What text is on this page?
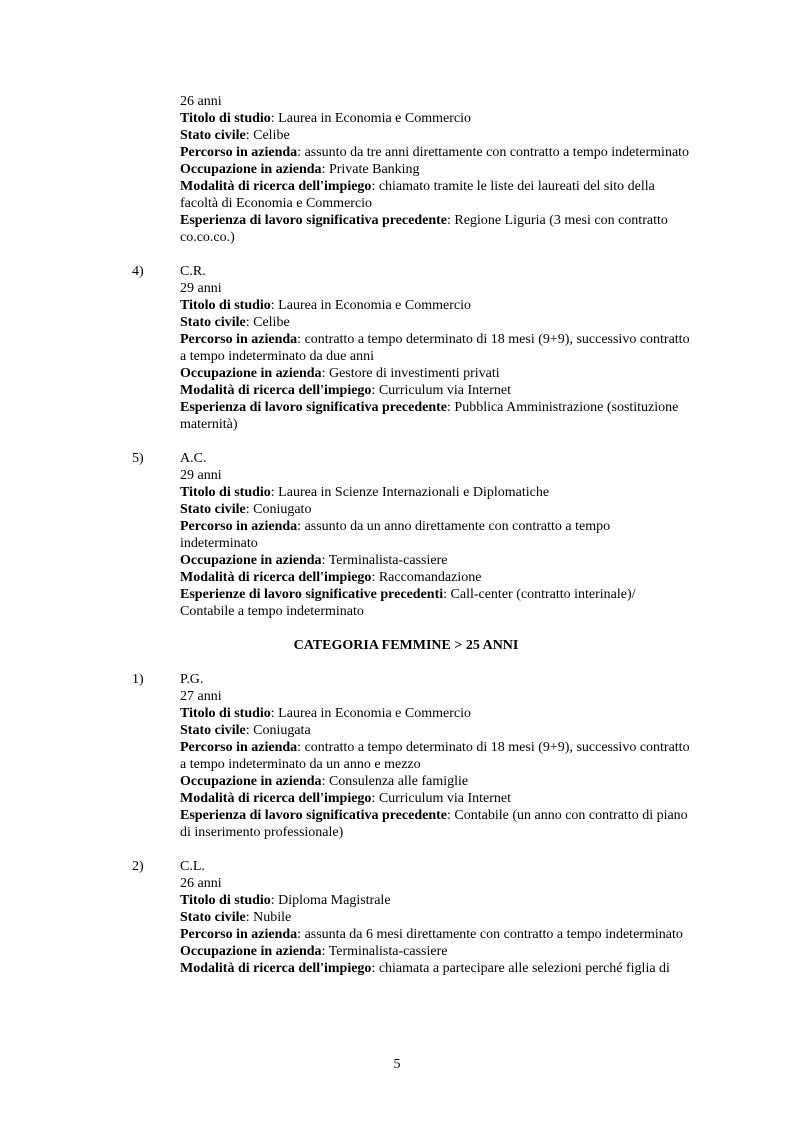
26 anni
Titolo di studio: Laurea in Economia e Commercio
Stato civile: Celibe
Percorso in azienda: assunto da tre anni direttamente con contratto a tempo indeterminato
Occupazione in azienda: Private Banking
Modalità di ricerca dell'impiego: chiamato tramite le liste dei laureati del sito della facoltà di Economia e Commercio
Esperienza di lavoro significativa precedente: Regione Liguria (3 mesi con contratto co.co.co.)
4)	C.R.
29 anni
Titolo di studio: Laurea in Economia e Commercio
Stato civile: Celibe
Percorso in azienda: contratto a tempo determinato di 18 mesi (9+9), successivo contratto a tempo indeterminato da due anni
Occupazione in azienda: Gestore di investimenti privati
Modalità di ricerca dell'impiego: Curriculum via Internet
Esperienza di lavoro significativa precedente: Pubblica Amministrazione (sostituzione maternità)
5)	A.C.
29 anni
Titolo di studio: Laurea in Scienze Internazionali e Diplomatiche
Stato civile: Coniugato
Percorso in azienda: assunto da un anno direttamente con contratto a tempo indeterminato
Occupazione in azienda: Terminalista-cassiere
Modalità di ricerca dell'impiego: Raccomandazione
Esperienze di lavoro significative precedenti: Call-center (contratto interinale)/ Contabile a tempo indeterminato
CATEGORIA FEMMINE > 25 ANNI
1)	P.G.
27 anni
Titolo di studio: Laurea in Economia e Commercio
Stato civile: Coniugata
Percorso in azienda: contratto a tempo determinato di 18 mesi (9+9), successivo contratto a tempo indeterminato da un anno e mezzo
Occupazione in azienda: Consulenza alle famiglie
Modalità di ricerca dell'impiego: Curriculum via Internet
Esperienza di lavoro significativa precedente: Contabile (un anno con contratto di piano di inserimento professionale)
2)	C.L.
26 anni
Titolo di studio: Diploma Magistrale
Stato civile: Nubile
Percorso in azienda: assunta da 6 mesi direttamente con contratto a tempo indeterminato
Occupazione in azienda: Terminalista-cassiere
Modalità di ricerca dell'impiego: chiamata a partecipare alle selezioni perché figlia di
5
